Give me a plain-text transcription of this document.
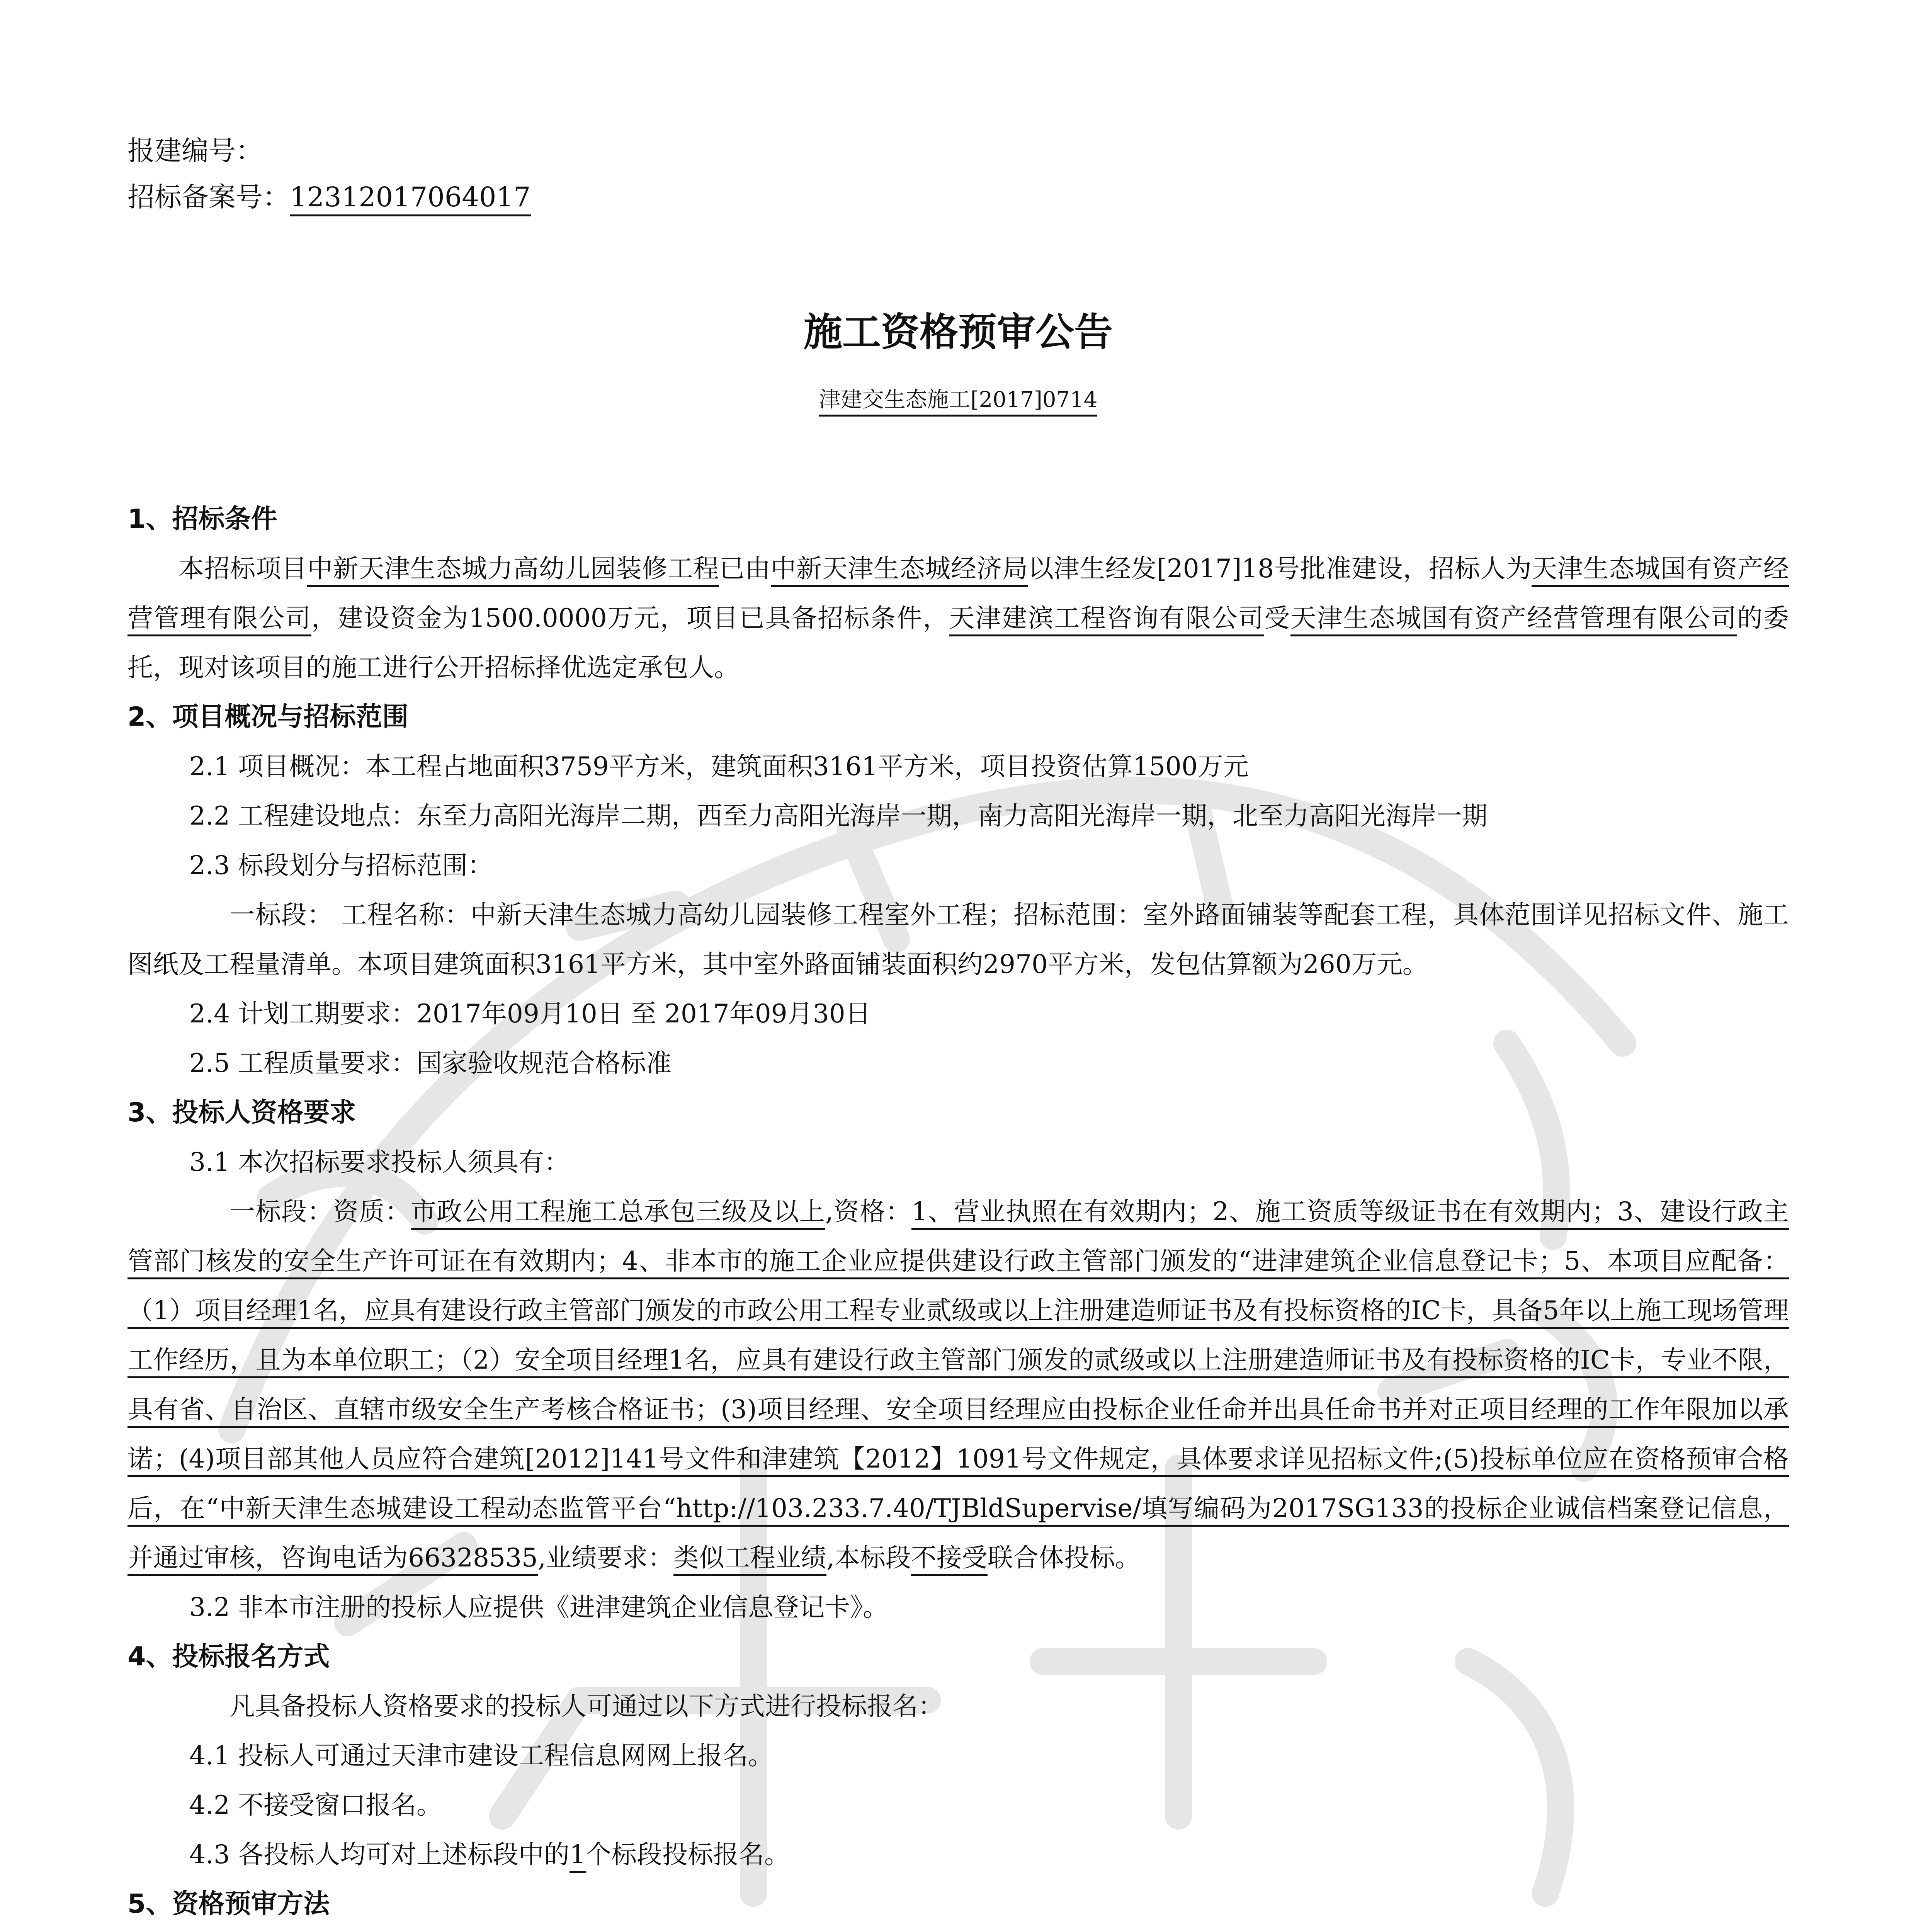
报建编号：
招标备案号：12312017064017
施工资格预审公告
津建交生态施工[2017]0714
1、招标条件
本招标项目中新天津生态城力高幼儿园装修工程已由中新天津生态城经济局以津生经发[2017]18号批准建设，招标人为天津生态城国有资产经营管理有限公司，建设资金为1500.0000万元，项目已具备招标条件，天津建滨工程咨询有限公司受天津生态城国有资产经营管理有限公司的委托，现对该项目的施工进行公开招标择优选定承包人。
2、项目概况与招标范围
2.1 项目概况：本工程占地面积3759平方米，建筑面积3161平方米，项目投资估算1500万元
2.2 工程建设地点：东至力高阳光海岸二期，西至力高阳光海岸一期，南力高阳光海岸一期，北至力高阳光海岸一期
2.3 标段划分与招标范围：
一标段： 工程名称：中新天津生态城力高幼儿园装修工程室外工程；招标范围：室外路面铺装等配套工程，具体范围详见招标文件、施工图纸及工程量清单。本项目建筑面积3161平方米，其中室外路面铺装面积约2970平方米，发包估算额为260万元。
2.4 计划工期要求：2017年09月10日 至 2017年09月30日
2.5 工程质量要求：国家验收规范合格标准
3、投标人资格要求
3.1 本次招标要求投标人须具有：
一标段：资质：市政公用工程施工总承包三级及以上,资格：1、营业执照在有效期内；2、施工资质等级证书在有效期内；3、建设行政主管部门核发的安全生产许可证在有效期内；4、非本市的施工企业应提供建设行政主管部门颁发的“进津建筑企业信息登记卡；5、本项目应配备：（1）项目经理1名，应具有建设行政主管部门颁发的市政公用工程专业贰级或以上注册建造师证书及有投标资格的IC卡，具备5年以上施工现场管理工作经历，且为本单位职工；（2）安全项目经理1名，应具有建设行政主管部门颁发的贰级或以上注册建造师证书及有投标资格的IC卡，专业不限，具有省、自治区、直辖市级安全生产考核合格证书；(3)项目经理、安全项目经理应由投标企业任命并出具任命书并对正项目经理的工作年限加以承诺；(4)项目部其他人员应符合建筑[2012]141号文件和津建筑【2012】1091号文件规定，具体要求详见招标文件;(5)投标单位应在资格预审合格后，在“中新天津生态城建设工程动态监管平台“http://103.233.7.40/TJBldSupervise/填写编码为2017SG133的投标企业诚信档案登记信息，并通过审核，咨询电话为66328535,业绩要求：类似工程业绩,本标段不接受联合体投标。
3.2 非本市注册的投标人应提供《进津建筑企业信息登记卡》。
4、投标报名方式
凡具备投标人资格要求的投标人可通过以下方式进行投标报名：
4.1 投标人可通过天津市建设工程信息网网上报名。
4.2 不接受窗口报名。
4.3 各投标人均可对上述标段中的1个标段投标报名。
5、资格预审方法
